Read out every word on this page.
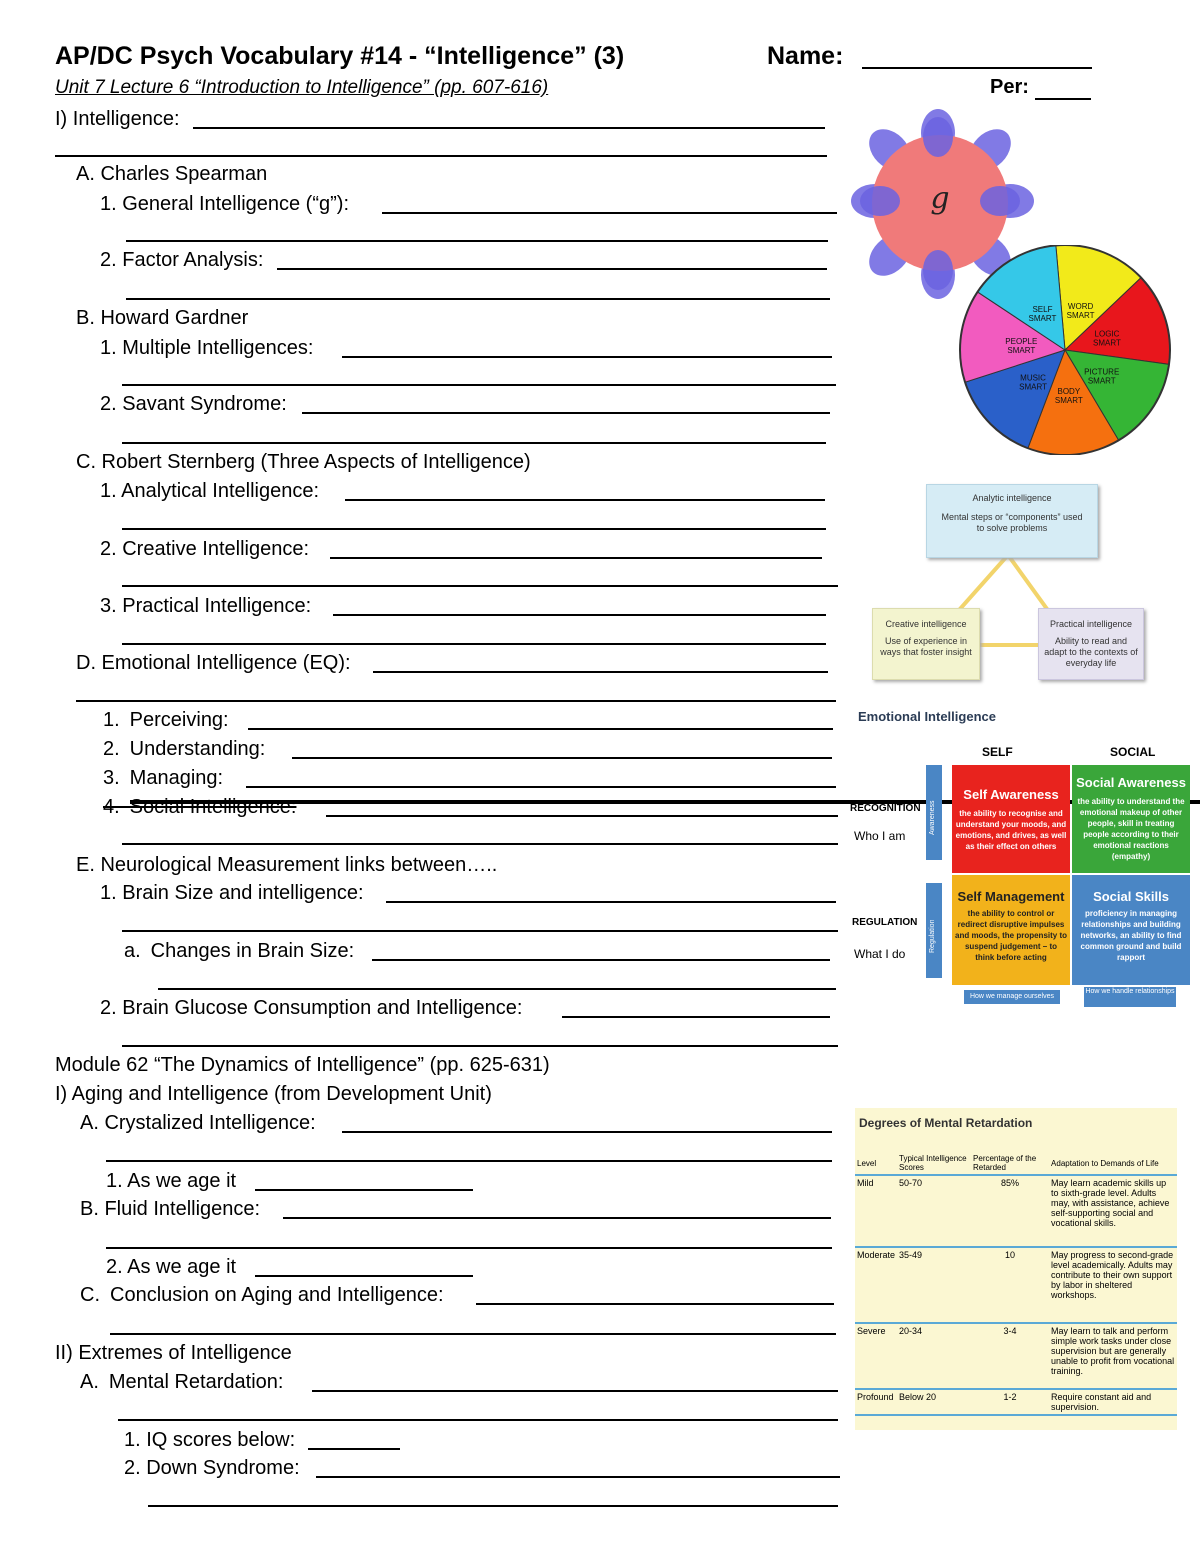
AP/DC Psych Vocabulary #14 - “Intelligence” (3)	Name:
Unit 7 Lecture 6 “Introduction to Intelligence” (pp. 607-616)	Per:
I) Intelligence:
A. Charles Spearman
1. General Intelligence (“g”):
2. Factor Analysis:
B. Howard Gardner
1. Multiple Intelligences:
2. Savant Syndrome:
C. Robert Sternberg (Three Aspects of Intelligence)
1. Analytical Intelligence:
2. Creative Intelligence:
3. Practical Intelligence:
D. Emotional Intelligence (EQ):
1. Perceiving:
2. Understanding:
3. Managing:
4. Social Intelligence:
E. Neurological Measurement links between…..
1. Brain Size and intelligence:
a. Changes in Brain Size:
2. Brain Glucose Consumption and Intelligence:
Module 62 “The Dynamics of Intelligence” (pp. 625-631)
I) Aging and Intelligence (from Development Unit)
A. Crystalized Intelligence:
1. As we age it
B. Fluid Intelligence:
2. As we age it
C. Conclusion on Aging and Intelligence:
II) Extremes of Intelligence
A. Mental Retardation:
1. IQ scores below:
2. Down Syndrome:
g
WORD SMART
LOGIC SMART
PICTURE SMART
BODY SMART
MUSIC SMART
PEOPLE SMART
SELF SMART
Analytic intelligence
Mental steps or “components” used to solve problems
Creative intelligence
Use of experience in ways that foster insight
Practical intelligence
Ability to read and adapt to the contexts of everyday life
Emotional Intelligence
SELF	SOCIAL
RECOGNITION
Who I am
REGULATION
What I do
Awareness
Regulation
Self Awareness
the ability to recognise and understand your moods, and emotions, and drives, as well as their effect on others
Social Awareness
the ability to understand the emotional makeup of other people, skill in treating people according to their emotional reactions (empathy)
Self Management
the ability to control or redirect disruptive impulses and moods, the propensity to suspend judgement – to think before acting
Social Skills
proficiency in managing relationships and building networks, an ability to find common ground and build rapport
How we manage ourselves
How we handle relationships
Degrees of Mental Retardation
Level	Typical Intelligence Scores	Percentage of the Retarded	Adaptation to Demands of Life
Mild	50-70	85%	May learn academic skills up to sixth-grade level. Adults may, with assistance, achieve self-supporting social and vocational skills.
Moderate	35-49	10	May progress to second-grade level academically. Adults may contribute to their own support by labor in sheltered workshops.
Severe	20-34	3-4	May learn to talk and perform simple work tasks under close supervision but are generally unable to profit from vocational training.
Profound	Below 20	1-2	Require constant aid and supervision.
